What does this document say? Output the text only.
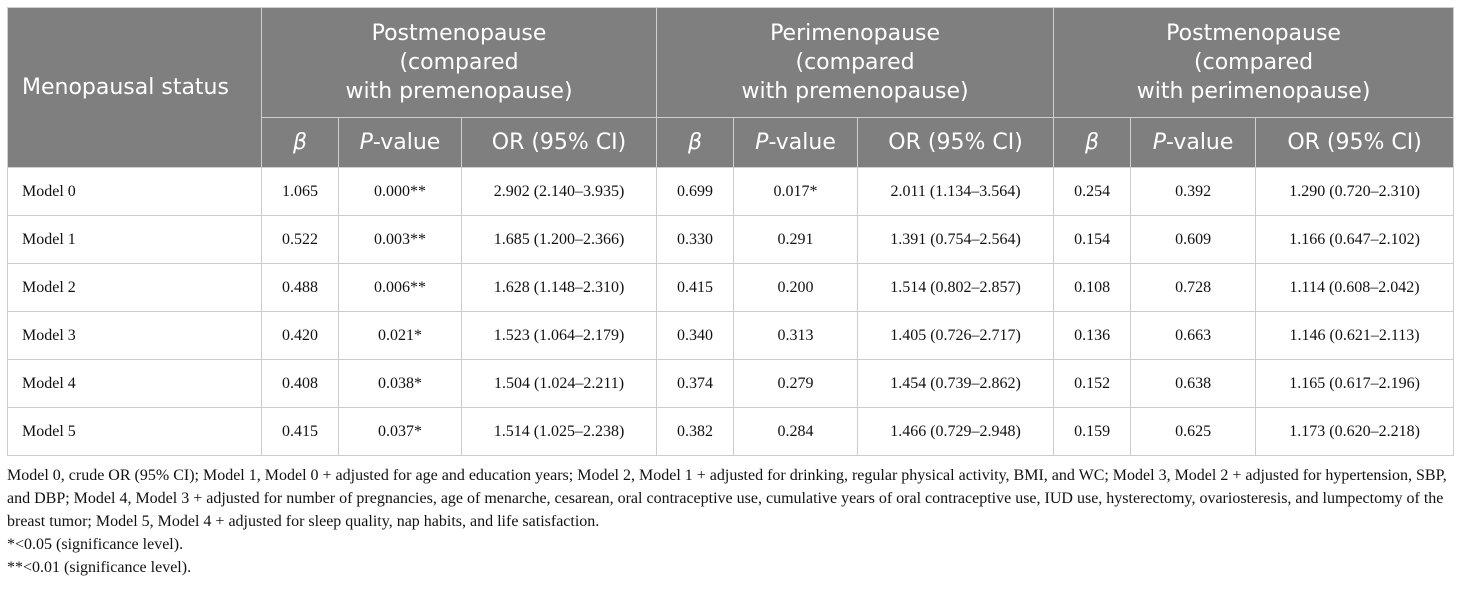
Menopausal status	Postmenopause
(compared
with premenopause)			Perimenopause
(compared
with premenopause)			Postmenopause
(compared
with perimenopause)		
	β	P-value	OR (95% CI)	β	P-value	OR (95% CI)	β	P-value	OR (95% CI)
Model 0	1.065	0.000**	2.902 (2.140–3.935)	0.699	0.017*	2.011 (1.134–3.564)	0.254	0.392	1.290 (0.720–2.310)
Model 1	0.522	0.003**	1.685 (1.200–2.366)	0.330	0.291	1.391 (0.754–2.564)	0.154	0.609	1.166 (0.647–2.102)
Model 2	0.488	0.006**	1.628 (1.148–2.310)	0.415	0.200	1.514 (0.802–2.857)	0.108	0.728	1.114 (0.608–2.042)
Model 3	0.420	0.021*	1.523 (1.064–2.179)	0.340	0.313	1.405 (0.726–2.717)	0.136	0.663	1.146 (0.621–2.113)
Model 4	0.408	0.038*	1.504 (1.024–2.211)	0.374	0.279	1.454 (0.739–2.862)	0.152	0.638	1.165 (0.617–2.196)
Model 5	0.415	0.037*	1.514 (1.025–2.238)	0.382	0.284	1.466 (0.729–2.948)	0.159	0.625	1.173 (0.620–2.218)

Model 0, crude OR (95% CI); Model 1, Model 0 + adjusted for age and education years; Model 2, Model 1 + adjusted for drinking, regular physical activity, BMI, and WC; Model 3, Model 2 + adjusted for hypertension, SBP, and DBP; Model 4, Model 3 + adjusted for number of pregnancies, age of menarche, cesarean, oral contraceptive use, cumulative years of oral contraceptive use, IUD use, hysterectomy, ovariosteresis, and lumpectomy of the breast tumor; Model 5, Model 4 + adjusted for sleep quality, nap habits, and life satisfaction.

*<0.05 (significance level).

**<0.01 (significance level).
